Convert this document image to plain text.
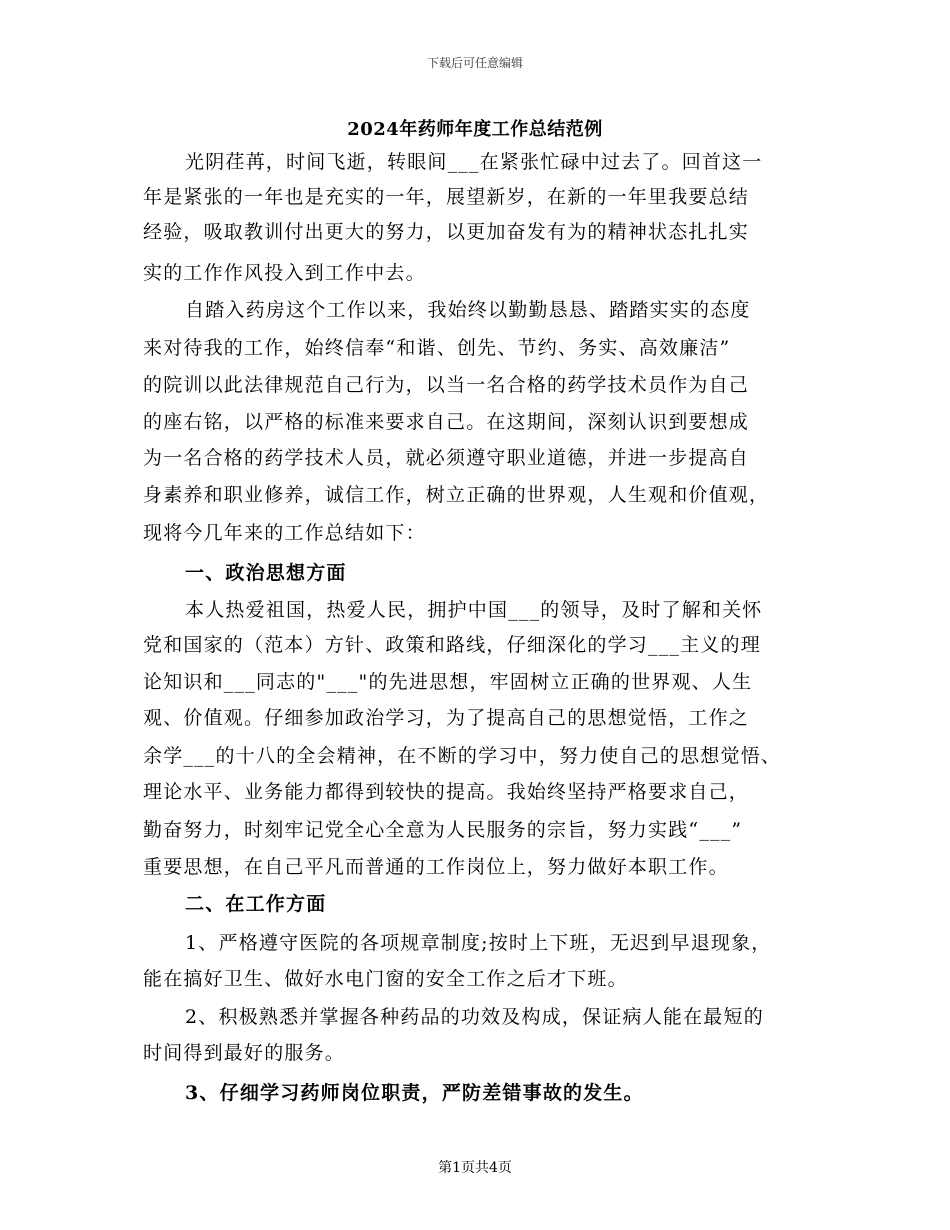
下载后可任意编辑
2024年药师年度工作总结范例
光阴荏苒，时间飞逝，转眼间___在紧张忙碌中过去了。回首这一
年是紧张的一年也是充实的一年，展望新岁，在新的一年里我要总结
经验，吸取教训付出更大的努力，以更加奋发有为的精神状态扎扎实
实的工作作风投入到工作中去。
自踏入药房这个工作以来，我始终以勤勤恳恳、踏踏实实的态度
来对待我的工作，始终信奉“和谐、创先、节约、务实、高效廉洁”
的院训以此法律规范自己行为，以当一名合格的药学技术员作为自己
的座右铭，以严格的标准来要求自己。在这期间，深刻认识到要想成
为一名合格的药学技术人员，就必须遵守职业道德，并进一步提高自
身素养和职业修养，诚信工作，树立正确的世界观，人生观和价值观，
现将今几年来的工作总结如下：
一、政治思想方面
本人热爱祖国，热爱人民，拥护中国___的领导，及时了解和关怀
党和国家的（范本）方针、政策和路线，仔细深化的学习___主义的理
论知识和___同志的"___"的先进思想，牢固树立正确的世界观、人生
观、价值观。仔细参加政治学习，为了提高自己的思想觉悟，工作之
余学___的十八的全会精神，在不断的学习中，努力使自己的思想觉悟、
理论水平、业务能力都得到较快的提高。我始终坚持严格要求自己，
勤奋努力，时刻牢记党全心全意为人民服务的宗旨，努力实践“___”
重要思想，在自己平凡而普通的工作岗位上，努力做好本职工作。
二、在工作方面
1、严格遵守医院的各项规章制度;按时上下班，无迟到早退现象，
能在搞好卫生、做好水电门窗的安全工作之后才下班。
2、积极熟悉并掌握各种药品的功效及构成，保证病人能在最短的
时间得到最好的服务。
3、仔细学习药师岗位职责，严防差错事故的发生。
第1页共4页
